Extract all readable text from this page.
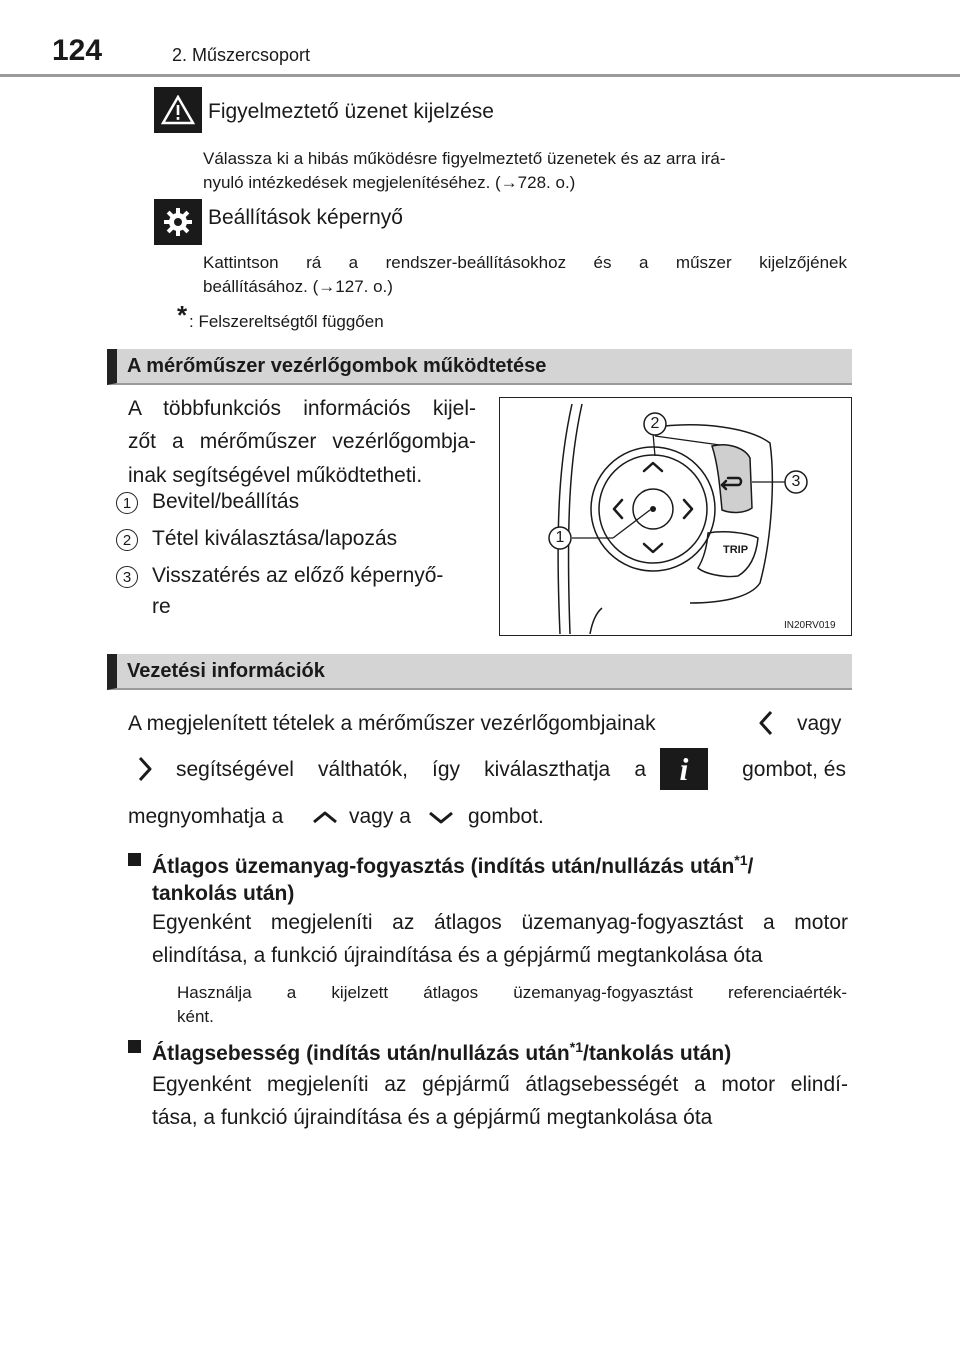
124	2. Műszercsoport
Figyelmeztető üzenet kijelzése
Válassza ki a hibás működésre figyelmeztető üzenetek és az arra irá-
nyuló intézkedések megjelenítéséhez. (→728. o.)
Beállítások képernyő
Kattintson rá a rendszer-beállításokhoz és a műszer kijelzőjének
beállításához. (→127. o.)
* : Felszereltségtől függően
A mérőműszer vezérlőgombok működtetése
A többfunkciós információs kijel-
zőt a mérőműszer vezérlőgombja-
inak segítségével működtetheti.
1 Bevitel/beállítás
2 Tétel kiválasztása/lapozás
3 Visszatérés az előző képernyő-
re
2
3
1
TRIP
IN20RV019
Vezetési információk
A megjelenített tételek a mérőműszer vezérlőgombjainak	vagy
segítségével válthatók, így kiválaszthatja a i	gombot, és
megnyomhatja a	vagy a	gombot.
Átlagos üzemanyag-fogyasztás (indítás után/nullázás után$^{*1}$/
tankolás után)
Egyenként megjeleníti az átlagos üzemanyag-fogyasztást a motor
elindítása, a funkció újraindítása és a gépjármű megtankolása óta
Használja a kijelzett átlagos üzemanyag-fogyasztást referenciaérték-
ként.
Átlagsebesség (indítás után/nullázás után$^{*1}$/tankolás után)
Egyenként megjeleníti az gépjármű átlagsebességét a motor elindí-
tása, a funkció újraindítása és a gépjármű megtankolása óta
